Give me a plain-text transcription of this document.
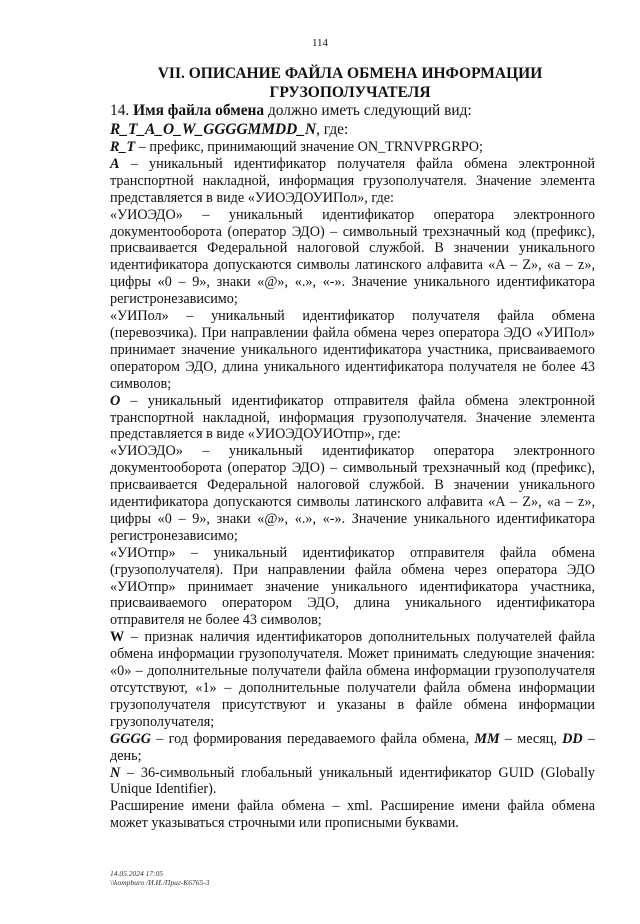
114
VII. ОПИСАНИЕ ФАЙЛА ОБМЕНА ИНФОРМАЦИИ
ГРУЗОПОЛУЧАТЕЛЯ

14. Имя файла обмена должно иметь следующий вид:

R_T_A_O_W_GGGGMMDD_N, где:

R_T – префикс, принимающий значение ON_TRNVPRGRPO;

A – уникальный идентификатор получателя файла обмена электронной транспортной накладной, информация грузополучателя. Значение элемента представляется в виде «УИОЭДОУИПол», где:

«УИОЭДО» – уникальный идентификатор оператора электронного документооборота (оператор ЭДО) – символьный трехзначный код (префикс), присваивается Федеральной налоговой службой. В значении уникального идентификатора допускаются символы латинского алфавита «A – Z», «a – z», цифры «0 – 9», знаки «@», «.», «-». Значение уникального идентификатора регистронезависимо;

«УИПол» – уникальный идентификатор получателя файла обмена (перевозчика). При направлении файла обмена через оператора ЭДО «УИПол» принимает значение уникального идентификатора участника, присваиваемого оператором ЭДО, длина уникального идентификатора получателя не более 43 символов;

O – уникальный идентификатор отправителя файла обмена электронной транспортной накладной, информация грузополучателя. Значение элемента представляется в виде «УИОЭДОУИОтпр», где:

«УИОЭДО» – уникальный идентификатор оператора электронного документооборота (оператор ЭДО) – символьный трехзначный код (префикс), присваивается Федеральной налоговой службой. В значении уникального идентификатора допускаются символы латинского алфавита «A – Z», «a – z», цифры «0 – 9», знаки «@», «.», «-». Значение уникального идентификатора регистронезависимо;

«УИОтпр» – уникальный идентификатор отправителя файла обмена (грузополучателя). При направлении файла обмена через оператора ЭДО «УИОтпр» принимает значение уникального идентификатора участника, присваиваемого оператором ЭДО, длина уникального идентификатора отправителя не более 43 символов;

W – признак наличия идентификаторов дополнительных получателей файла обмена информации грузополучателя. Может принимать следующие значения: «0» – дополнительные получатели файла обмена информации грузополучателя отсутствуют, «1» – дополнительные получатели файла обмена информации грузополучателя присутствуют и указаны в файле обмена информации грузополучателя;

GGGG – год формирования передаваемого файла обмена, MM – месяц, DD – день;

N – 36-символьный глобальный уникальный идентификатор GUID (Globally Unique Identifier).

Расширение имени файла обмена – xml. Расширение имени файла обмена может указываться строчными или прописными буквами.

14.05.2024 17:05
\\kompburo /И.И./Приг-К6765-3
